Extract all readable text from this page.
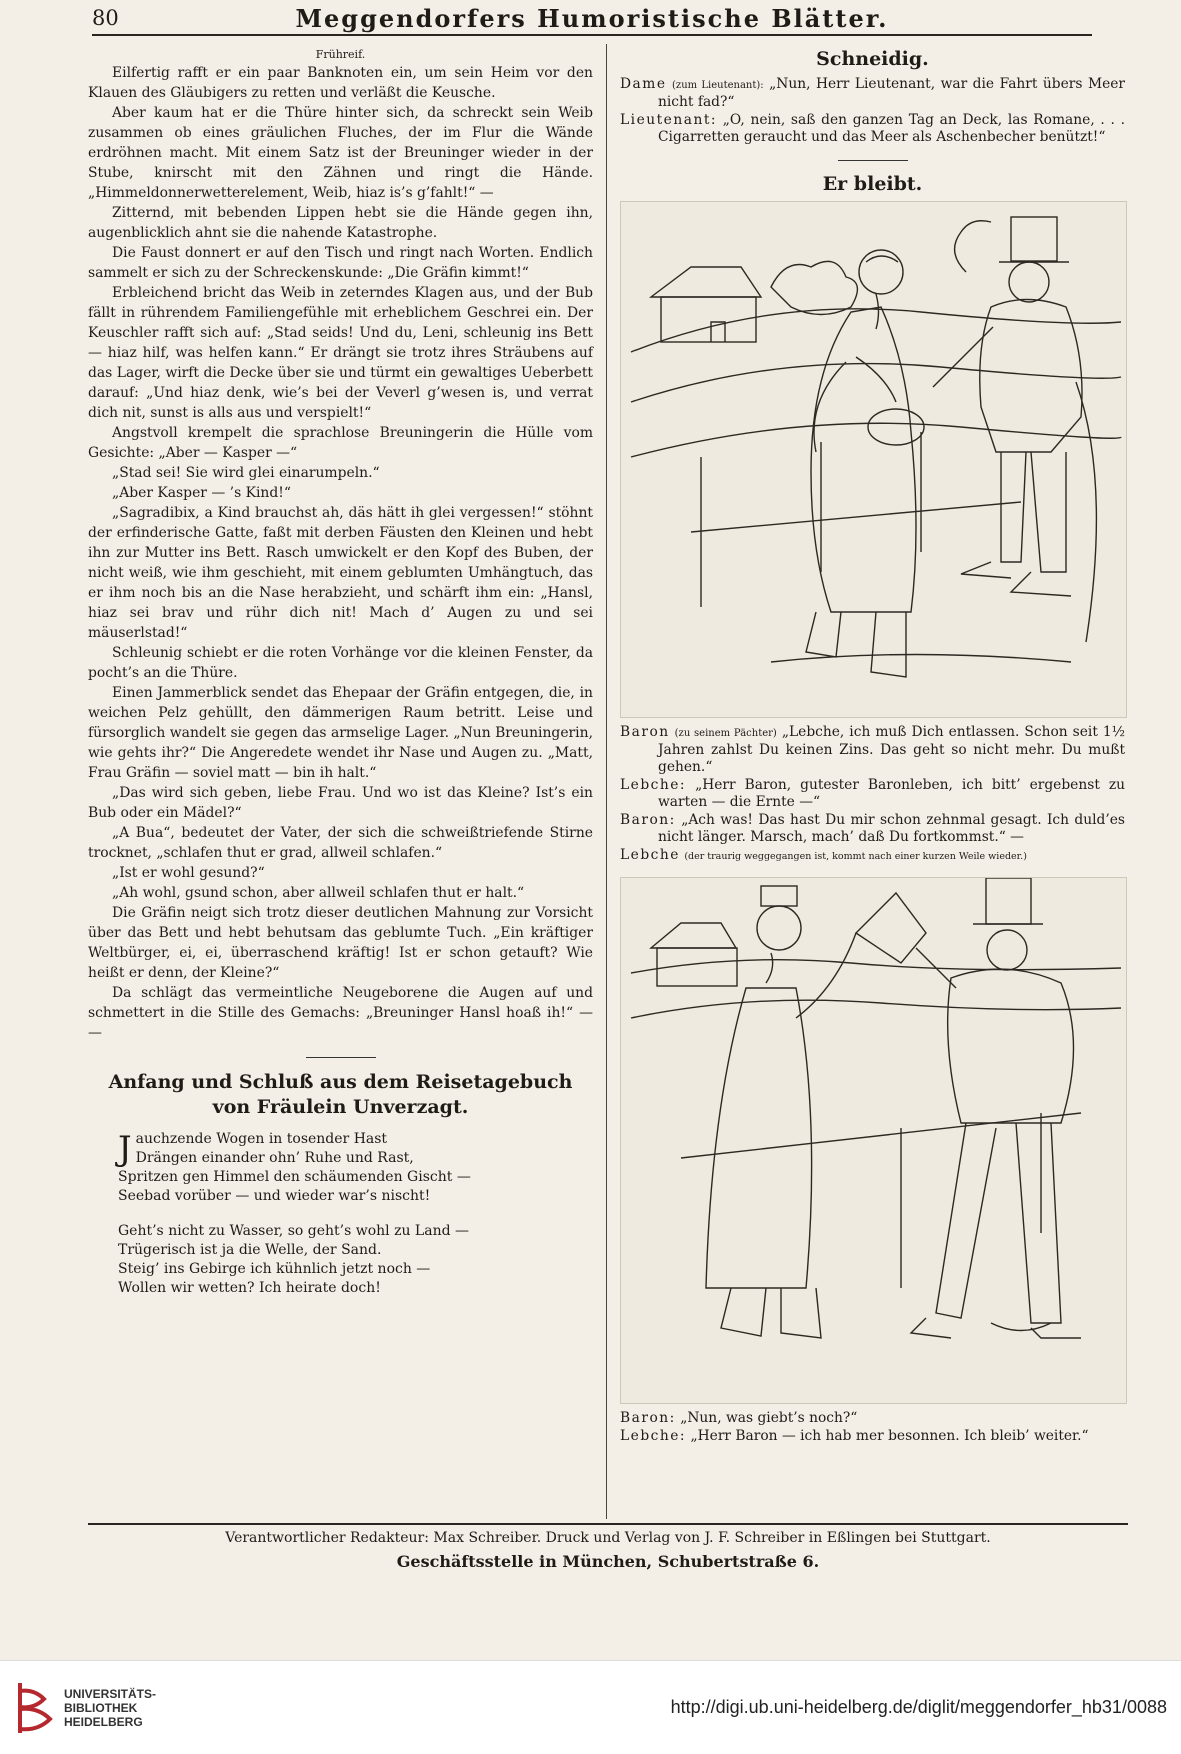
80	Meggendorfers Humoristische Blätter.
Frühreif.

Eilfertig rafft er ein paar Banknoten ein, um sein Heim vor den Klauen des Gläubigers zu retten und verläßt die Keusche.

Aber kaum hat er die Thüre hinter sich, da schreckt sein Weib zusammen ob eines gräulichen Fluches, der im Flur die Wände erdröhnen macht. Mit einem Satz ist der Breuninger wieder in der Stube, knirscht mit den Zähnen und ringt die Hände. „Himmeldonnerwetterelement, Weib, hiaz is’s g’fahlt!“ —

Zitternd, mit bebenden Lippen hebt sie die Hände gegen ihn, augenblicklich ahnt sie die nahende Katastrophe.

Die Faust donnert er auf den Tisch und ringt nach Worten. Endlich sammelt er sich zu der Schreckenskunde: „Die Gräfin kimmt!“

Erbleichend bricht das Weib in zeterndes Klagen aus, und der Bub fällt in rührendem Familiengefühle mit erheblichem Geschrei ein. Der Keuschler rafft sich auf: „Stad seids! Und du, Leni, schleunig ins Bett — hiaz hilf, was helfen kann.“ Er drängt sie trotz ihres Sträubens auf das Lager, wirft die Decke über sie und türmt ein gewaltiges Ueberbett darauf: „Und hiaz denk, wie’s bei der Veverl g’wesen is, und verrat dich nit, sunst is alls aus und verspielt!“

Angstvoll krempelt die sprachlose Breuningerin die Hülle vom Gesichte: „Aber — Kasper —“

„Stad sei! Sie wird glei einarumpeln.“

„Aber Kasper — ’s Kind!“

„Sagradibix, a Kind brauchst ah, däs hätt ih glei vergessen!“ stöhnt der erfinderische Gatte, faßt mit derben Fäusten den Kleinen und hebt ihn zur Mutter ins Bett. Rasch umwickelt er den Kopf des Buben, der nicht weiß, wie ihm geschieht, mit einem geblumten Umhängtuch, das er ihm noch bis an die Nase herabzieht, und schärft ihm ein: „Hansl, hiaz sei brav und rühr dich nit! Mach d’ Augen zu und sei mäuserlstad!“

Schleunig schiebt er die roten Vorhänge vor die kleinen Fenster, da pocht’s an die Thüre.

Einen Jammerblick sendet das Ehepaar der Gräfin entgegen, die, in weichen Pelz gehüllt, den dämmerigen Raum betritt. Leise und fürsorglich wandelt sie gegen das armselige Lager. „Nun Breuningerin, wie gehts ihr?“ Die Angeredete wendet ihr Nase und Augen zu. „Matt, Frau Gräfin — soviel matt — bin ih halt.“

„Das wird sich geben, liebe Frau. Und wo ist das Kleine? Ist’s ein Bub oder ein Mädel?“

„A Bua“, bedeutet der Vater, der sich die schweißtriefende Stirne trocknet, „schlafen thut er grad, allweil schlafen.“

„Ist er wohl gesund?“

„Ah wohl, gsund schon, aber allweil schlafen thut er halt.“

Die Gräfin neigt sich trotz dieser deutlichen Mahnung zur Vorsicht über das Bett und hebt behutsam das geblumte Tuch. „Ein kräftiger Weltbürger, ei, ei, überraschend kräftig! Ist er schon getauft? Wie heißt er denn, der Kleine?“

Da schlägt das vermeintliche Neugeborene die Augen auf und schmettert in die Stille des Gemachs: „Breuninger Hansl hoaß ih!“ — —

Anfang und Schluß aus dem Reisetagebuch von Fräulein Unverzagt.
J auchzende Wogen in tosender Hast
Drängen einander ohn’ Ruhe und Rast,
Spritzen gen Himmel den schäumenden Gischt —
Seebad vorüber — und wieder war’s nischt!
Geht’s nicht zu Wasser, so geht’s wohl zu Land —
Trügerisch ist ja die Welle, der Sand.
Steig’ ins Gebirge ich kühnlich jetzt noch —
Wollen wir wetten? Ich heirate doch!
Schneidig.

Dame (zum Lieutenant): „Nun, Herr Lieutenant, war die Fahrt übers Meer nicht fad?“

Lieutenant: „O, nein, saß den ganzen Tag an Deck, las Romane, . . . Cigarretten geraucht und das Meer als Aschenbecher benützt!“

Er bleibt.

Baron (zu seinem Pächter) „Lebche, ich muß Dich entlassen. Schon seit 1½ Jahren zahlst Du keinen Zins. Das geht so nicht mehr. Du mußt gehen.“

Lebche: „Herr Baron, gutester Baronleben, ich bitt’ ergebenst zu warten — die Ernte —“

Baron: „Ach was! Das hast Du mir schon zehnmal gesagt. Ich duld’es nicht länger. Marsch, mach’ daß Du fortkommst.“ —

Lebche (der traurig weggegangen ist, kommt nach einer kurzen Weile wieder.)

Baron: „Nun, was giebt’s noch?“

Lebche: „Herr Baron — ich hab mer besonnen. Ich bleib’ weiter.“

Verantwortlicher Redakteur: Max Schreiber. Druck und Verlag von J. F. Schreiber in Eßlingen bei Stuttgart.
Geschäftsstelle in München, Schubertstraße 6.
UNIVERSITÄTS-
BIBLIOTHEK
HEIDELBERG
http://digi.ub.uni-heidelberg.de/diglit/meggendorfer_hb31/0088
